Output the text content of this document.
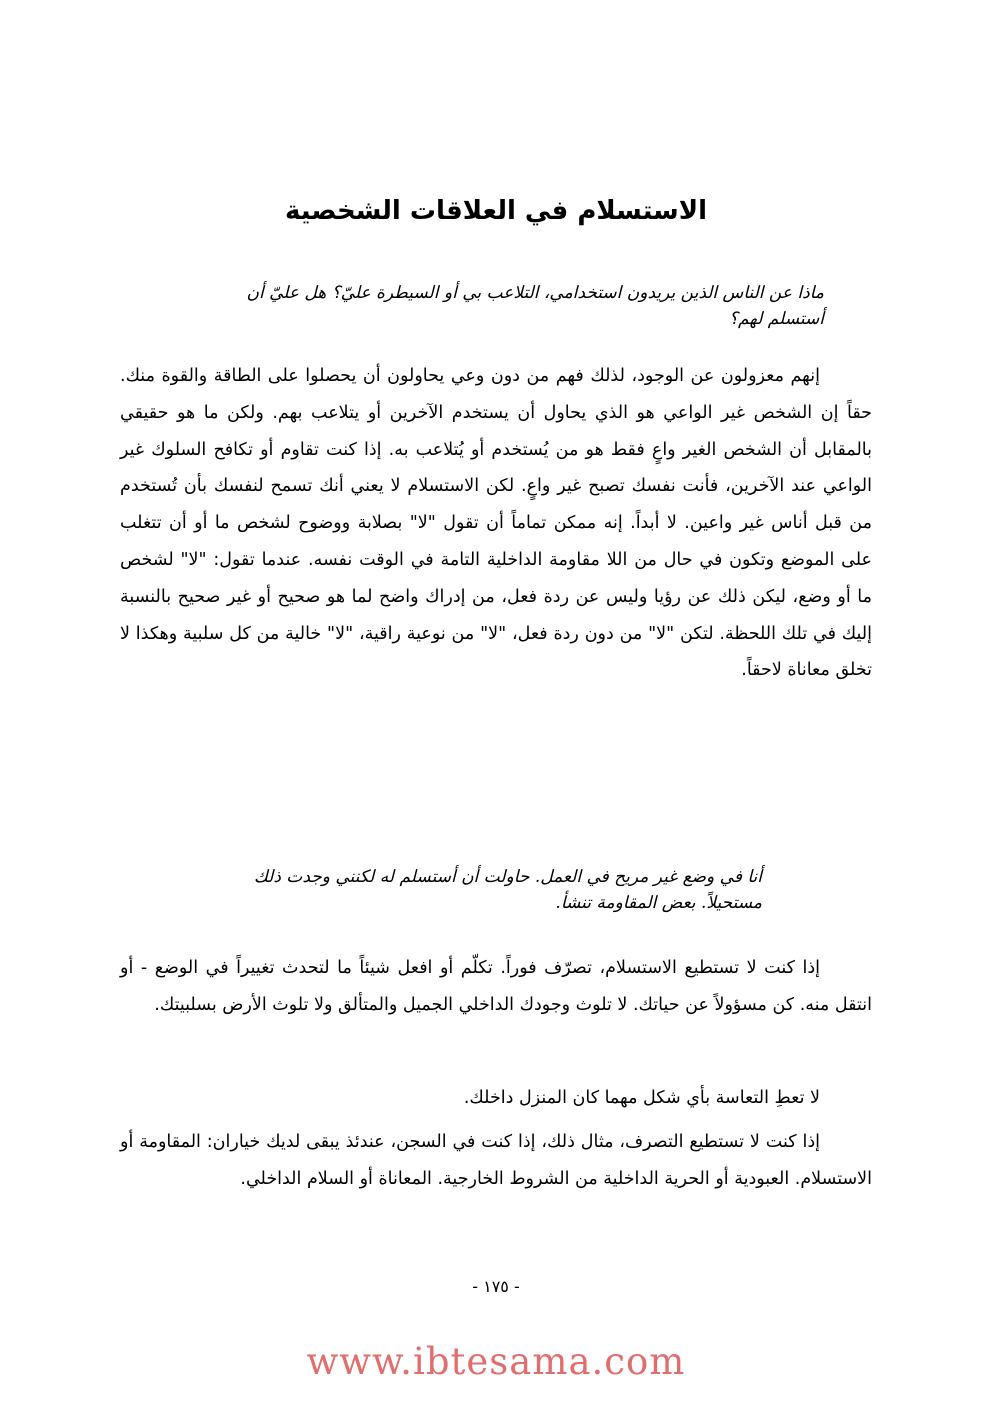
الاستسلام في العلاقات الشخصية
ماذا عن الناس الذين يريدون استخدامي، التلاعب بي أو السيطرة عليّ؟ هل عليّ أن أستسلم لهم؟

إنهم معزولون عن الوجود، لذلك فهم من دون وعي يحاولون أن يحصلوا على الطاقة والقوة منك. حقاً إن الشخص غير الواعي هو الذي يحاول أن يستخدم الآخرين أو يتلاعب بهم. ولكن ما هو حقيقي بالمقابل أن الشخص الغير واعٍ فقط هو من يُستخدم أو يُتلاعب به. إذا كنت تقاوم أو تكافح السلوك غير الواعي عند الآخرين، فأنت نفسك تصبح غير واعٍ. لكن الاستسلام لا يعني أنك تسمح لنفسك بأن تُستخدم من قبل أناس غير واعين. لا أبداً. إنه ممكن تماماً أن تقول "لا" بصلابة ووضوح لشخص ما أو أن تتغلب على الموضع وتكون في حال من اللا مقاومة الداخلية التامة في الوقت نفسه. عندما تقول: "لا" لشخص ما أو وضع، ليكن ذلك عن رؤيا وليس عن ردة فعل، من إدراك واضح لما هو صحيح أو غير صحيح بالنسبة إليك في تلك اللحظة. لتكن "لا" من دون ردة فعل، "لا" من نوعية راقية، "لا" خالية من كل سلبية وهكذا لا تخلق معاناة لاحقاً.

أنا في وضع غير مريح في العمل. حاولت أن أستسلم له لكنني وجدت ذلك مستحيلاً. بعض المقاومة تنشأ.

إذا كنت لا تستطيع الاستسلام، تصرّف فوراً. تكلّم أو افعل شيئاً ما لتحدث تغييراً في الوضع - أو انتقل منه. كن مسؤولاً عن حياتك. لا تلوث وجودك الداخلي الجميل والمتألق ولا تلوث الأرض بسلبيتك.

لا تعطِ التعاسة بأي شكل مهما كان المنزل داخلك.

إذا كنت لا تستطيع التصرف، مثال ذلك، إذا كنت في السجن، عندئذ يبقى لديك خياران: المقاومة أو الاستسلام. العبودية أو الحرية الداخلية من الشروط الخارجية. المعاناة أو السلام الداخلي.

- ١٧٥ -
www.ibtesama.com
